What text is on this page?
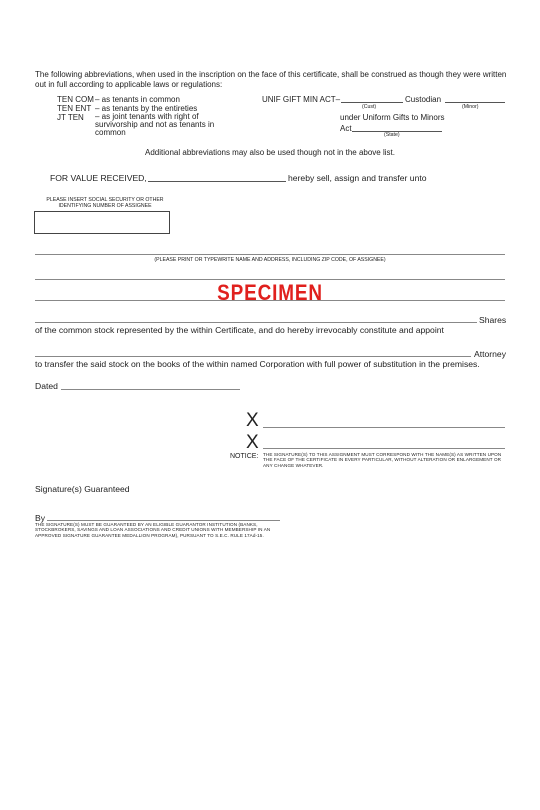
The following abbreviations, when used in the inscription on the face of this certificate, shall be construed as though they were written out in full according to applicable laws or regulations:
TEN COM – as tenants in common
TEN ENT – as tenants by the entireties
JT TEN – as joint tenants with right of survivorship and not as tenants in common
UNIF GIFT MIN ACT–	Custodian
(Cust)	(Minor)
under Uniform Gifts to Minors
Act
(State)
Additional abbreviations may also be used though not in the above list.
FOR VALUE RECEIVED,	hereby sell, assign and transfer unto
PLEASE INSERT SOCIAL SECURITY OR OTHER IDENTIFYING NUMBER OF ASSIGNEE
(PLEASE PRINT OR TYPEWRITE NAME AND ADDRESS, INCLUDING ZIP CODE, OF ASSIGNEE)
SPECIMEN
Shares
of the common stock represented by the within Certificate, and do hereby irrevocably constitute and appoint
Attorney
to transfer the said stock on the books of the within named Corporation with full power of substitution in the premises.
Dated
X
X
NOTICE: THE SIGNATURE(S) TO THIS ASSIGNMENT MUST CORRESPOND WITH THE NAME(S) AS WRITTEN UPON THE FACE OF THE CERTIFICATE IN EVERY PARTICULAR, WITHOUT ALTERATION OR ENLARGEMENT OR ANY CHANGE WHATEVER.
Signature(s) Guaranteed
By
THE SIGNATURE(S) MUST BE GUARANTEED BY AN ELIGIBLE GUARANTOR INSTITUTION (BANKS, STOCKBROKERS, SAVINGS AND LOAN ASSOCIATIONS AND CREDIT UNIONS WITH MEMBERSHIP IN AN APPROVED SIGNATURE GUARANTEE MEDALLION PROGRAM), PURSUANT TO S.E.C. RULE 17Ad-15.
